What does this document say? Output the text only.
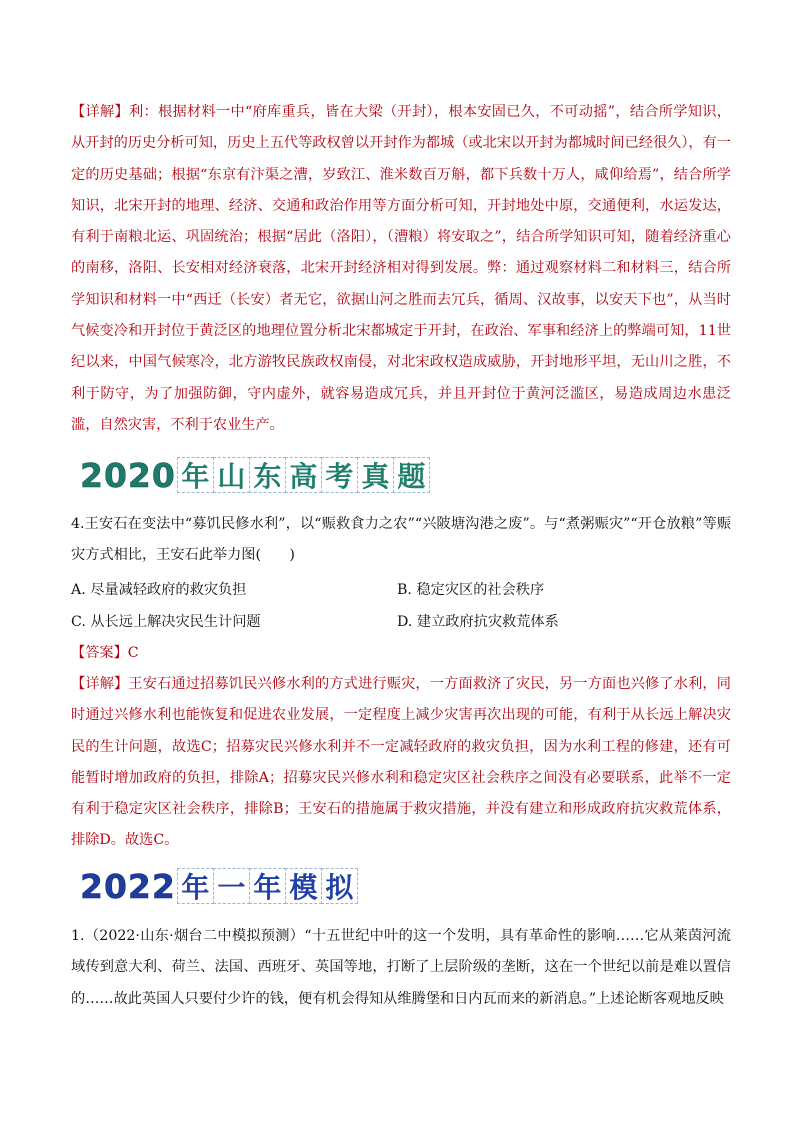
【详解】利：根据材料一中“府库重兵，皆在大梁（开封），根本安固已久，不可动摇”，结合所学知识，从开封的历史分析可知，历史上五代等政权曾以开封作为都城（或北宋以开封为都城时间已经很久），有一定的历史基础；根据“东京有汴渠之漕，岁致江、淮米数百万斛，都下兵数十万人，咸仰给焉”，结合所学知识，北宋开封的地理、经济、交通和政治作用等方面分析可知，开封地处中原，交通便利，水运发达，有利于南粮北运、巩固统治；根据“居此（洛阳），（漕粮）将安取之”，结合所学知识可知，随着经济重心的南移，洛阳、长安相对经济衰落，北宋开封经济相对得到发展。弊：通过观察材料二和材料三，结合所学知识和材料一中“西迁（长安）者无它，欲据山河之胜而去冗兵，循周、汉故事，以安天下也”，从当时气候变冷和开封位于黄泛区的地理位置分析北宋都城定于开封，在政治、军事和经济上的弊端可知，11世纪以来，中国气候寒冷，北方游牧民族政权南侵，对北宋政权造成威胁，开封地形平坦，无山川之胜，不利于防守，为了加强防御，守内虚外，就容易造成冗兵，并且开封位于黄河泛滥区，易造成周边水患泛滥，自然灾害，不利于农业生产。

2020 年 山 东 高 考 真 题

4.王安石在变法中“募饥民修水利”，以“赈救食力之农”“兴陂塘沟港之废”。与“煮粥赈灾”“开仓放粮”等赈灾方式相比，王安石此举力图(　　)

A. 尽量减轻政府的救灾负担	B. 稳定灾区的社会秩序
C. 从长远上解决灾民生计问题	D. 建立政府抗灾救荒体系
【答案】C

【详解】王安石通过招募饥民兴修水利的方式进行赈灾，一方面救济了灾民，另一方面也兴修了水利，同时通过兴修水利也能恢复和促进农业发展，一定程度上减少灾害再次出现的可能，有利于从长远上解决灾民的生计问题，故选C；招募灾民兴修水利并不一定减轻政府的救灾负担，因为水利工程的修建，还有可能暂时增加政府的负担，排除A；招募灾民兴修水利和稳定灾区社会秩序之间没有必要联系，此举不一定有利于稳定灾区社会秩序，排除B；王安石的措施属于救灾措施，并没有建立和形成政府抗灾救荒体系，排除D。故选C。

2022 年 一 年 模 拟

1.（2022·山东·烟台二中模拟预测）“十五世纪中叶的这一个发明，具有革命性的影响……它从莱茵河流域传到意大利、荷兰、法国、西班牙、英国等地，打断了上层阶级的垄断，这在一个世纪以前是难以置信的……故此英国人只要付少许的钱，便有机会得知从维腾堡和日内瓦而来的新消息。”上述论断客观地反映
